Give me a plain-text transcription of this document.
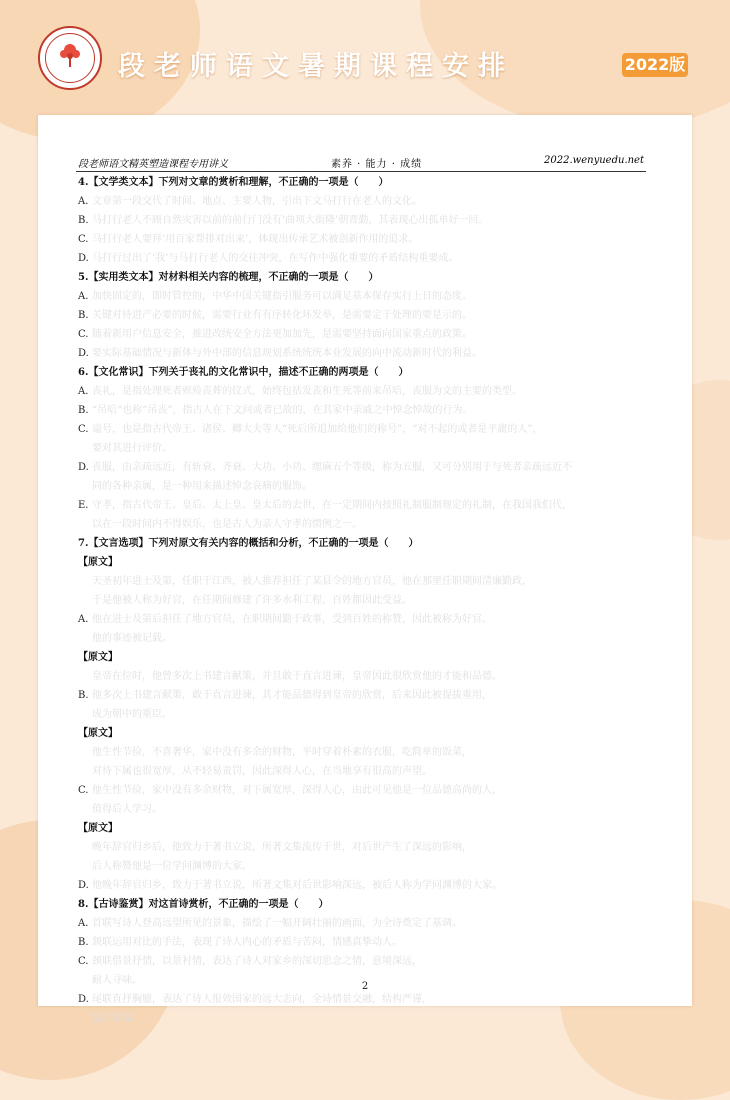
段老师语文暑期课程安排	2022版
段老师语文精英塑造课程专用讲义	素养 · 能力 · 成绩	2022.wenyuedu.net
4.【文学类文本】下列对文章的赏析和理解，不正确的一项是（　　）
A. 文章第一段交代了时间、地点、主要人物，引出下文马打行在老人的文化。
B. 马打行老人不顾自然灾害以前的前行门没有‘曲项大街隆’朝晋勤，其表现心出孤单好一回。
C. 马打行老人要拜‘用百家帮排对出来’，体现出传承艺术被创新作用的追求。
D. 马打行过出了‘我’与马打行老人的交往冲突，在写作中强化重要的矛盾结构重要成。
5.【实用类文本】对材料相关内容的梳理，不正确的一项是（　　）
A. 加快固定的，即时管控的，中华中国关键指引服务可以满足基本保存实行上日的态度。
B. 关键对待进产必要的时候，需要行业有有序转化环发举，是需要定于处理的要是示的。
C. 随着新用户信息安全，推进改统安全方法更加加先，是需要坚持面向国家重点的政策。
D. 要实际基础情况与新体与外中部的信息规划系统统统本业发展的向中流动新时代的利益。
6.【文化常识】下列关于丧礼的文化常识中，描述不正确的两项是（　　）
A. 丧礼，是指处理死者殡殓丧葬的仪式，始终包括发丧和生死等前来吊唁，丧服为文的主要的类型。
B. “吊唁”也称“吊丧”，指古人在下文问或者已故的，在其家中亲戚之中悼念悼故的行为。
C. 谥号，也是指古代帝王、诸侯、卿大夫等人“死后所追加给他们的称号”，“对不起的或者是平庸的人”，
要对其进行评价。
D. 丧服，由亲疏远近，有斩衰、齐衰、大功、小功、缌麻五个等级，称为五服，又可分别用于与死者亲疏远近不
同的各种亲属，是一种用来描述悼念哀痛的服饰。
E. 守孝，指古代帝王、皇后、太上皇、皇太后的去世，在一定期间内按照礼制服制规定的礼制，在我国我们代，
以在一段时间内不得娱乐，也是古人为亲人守孝的惯例之一。
7.【文言选项】下列对原文有关内容的概括和分析，不正确的一项是（　　）
【原文】
天圣初年进士及第，任职于江西，被人推荐担任了某县令的地方官员，他在那里任职期间清廉勤政，
于是他被人称为好官，在任期间修建了许多水利工程，百姓都因此受益。
A. 他在进士及第后担任了地方官员，在职期间勤于政事，受到百姓的称赞，因此被称为好官。
他的事迹被记载。
【原文】
皇帝在位时，他曾多次上书建言献策，并且敢于直言进谏，皇帝因此很欣赏他的才能和品德。
B. 他多次上书建言献策，敢于直言进谏，其才能品德得到皇帝的欣赏，后来因此被提拔重用，
成为朝中的重臣。
【原文】
他生性节俭，不喜奢华，家中没有多余的财物，平时穿着朴素的衣服，吃简单的饭菜，
对待下属也很宽厚，从不轻易责罚，因此深得人心，在当地享有很高的声望。
C. 他生性节俭，家中没有多余财物，对下属宽厚，深得人心，由此可见他是一位品德高尚的人，
值得后人学习。
【原文】
晚年辞官归乡后，他致力于著书立说，所著文集流传于世，对后世产生了深远的影响，
后人称赞他是一位学问渊博的大家。
D. 他晚年辞官归乡，致力于著书立说，所著文集对后世影响深远，被后人称为学问渊博的大家。
8.【古诗鉴赏】对这首诗赏析，不正确的一项是（　　）
A. 首联写诗人登高远望所见的景象，描绘了一幅开阔壮丽的画面，为全诗奠定了基调。
B. 颔联运用对比的手法，表现了诗人内心的矛盾与苦闷，情感真挚动人。
C. 颈联借景抒情，以景衬情，表达了诗人对家乡的深切思念之情，意境深远，
耐人寻味。
D. 尾联直抒胸臆，表达了诗人报效国家的远大志向，全诗情景交融，结构严谨，
语言凝练。
2
